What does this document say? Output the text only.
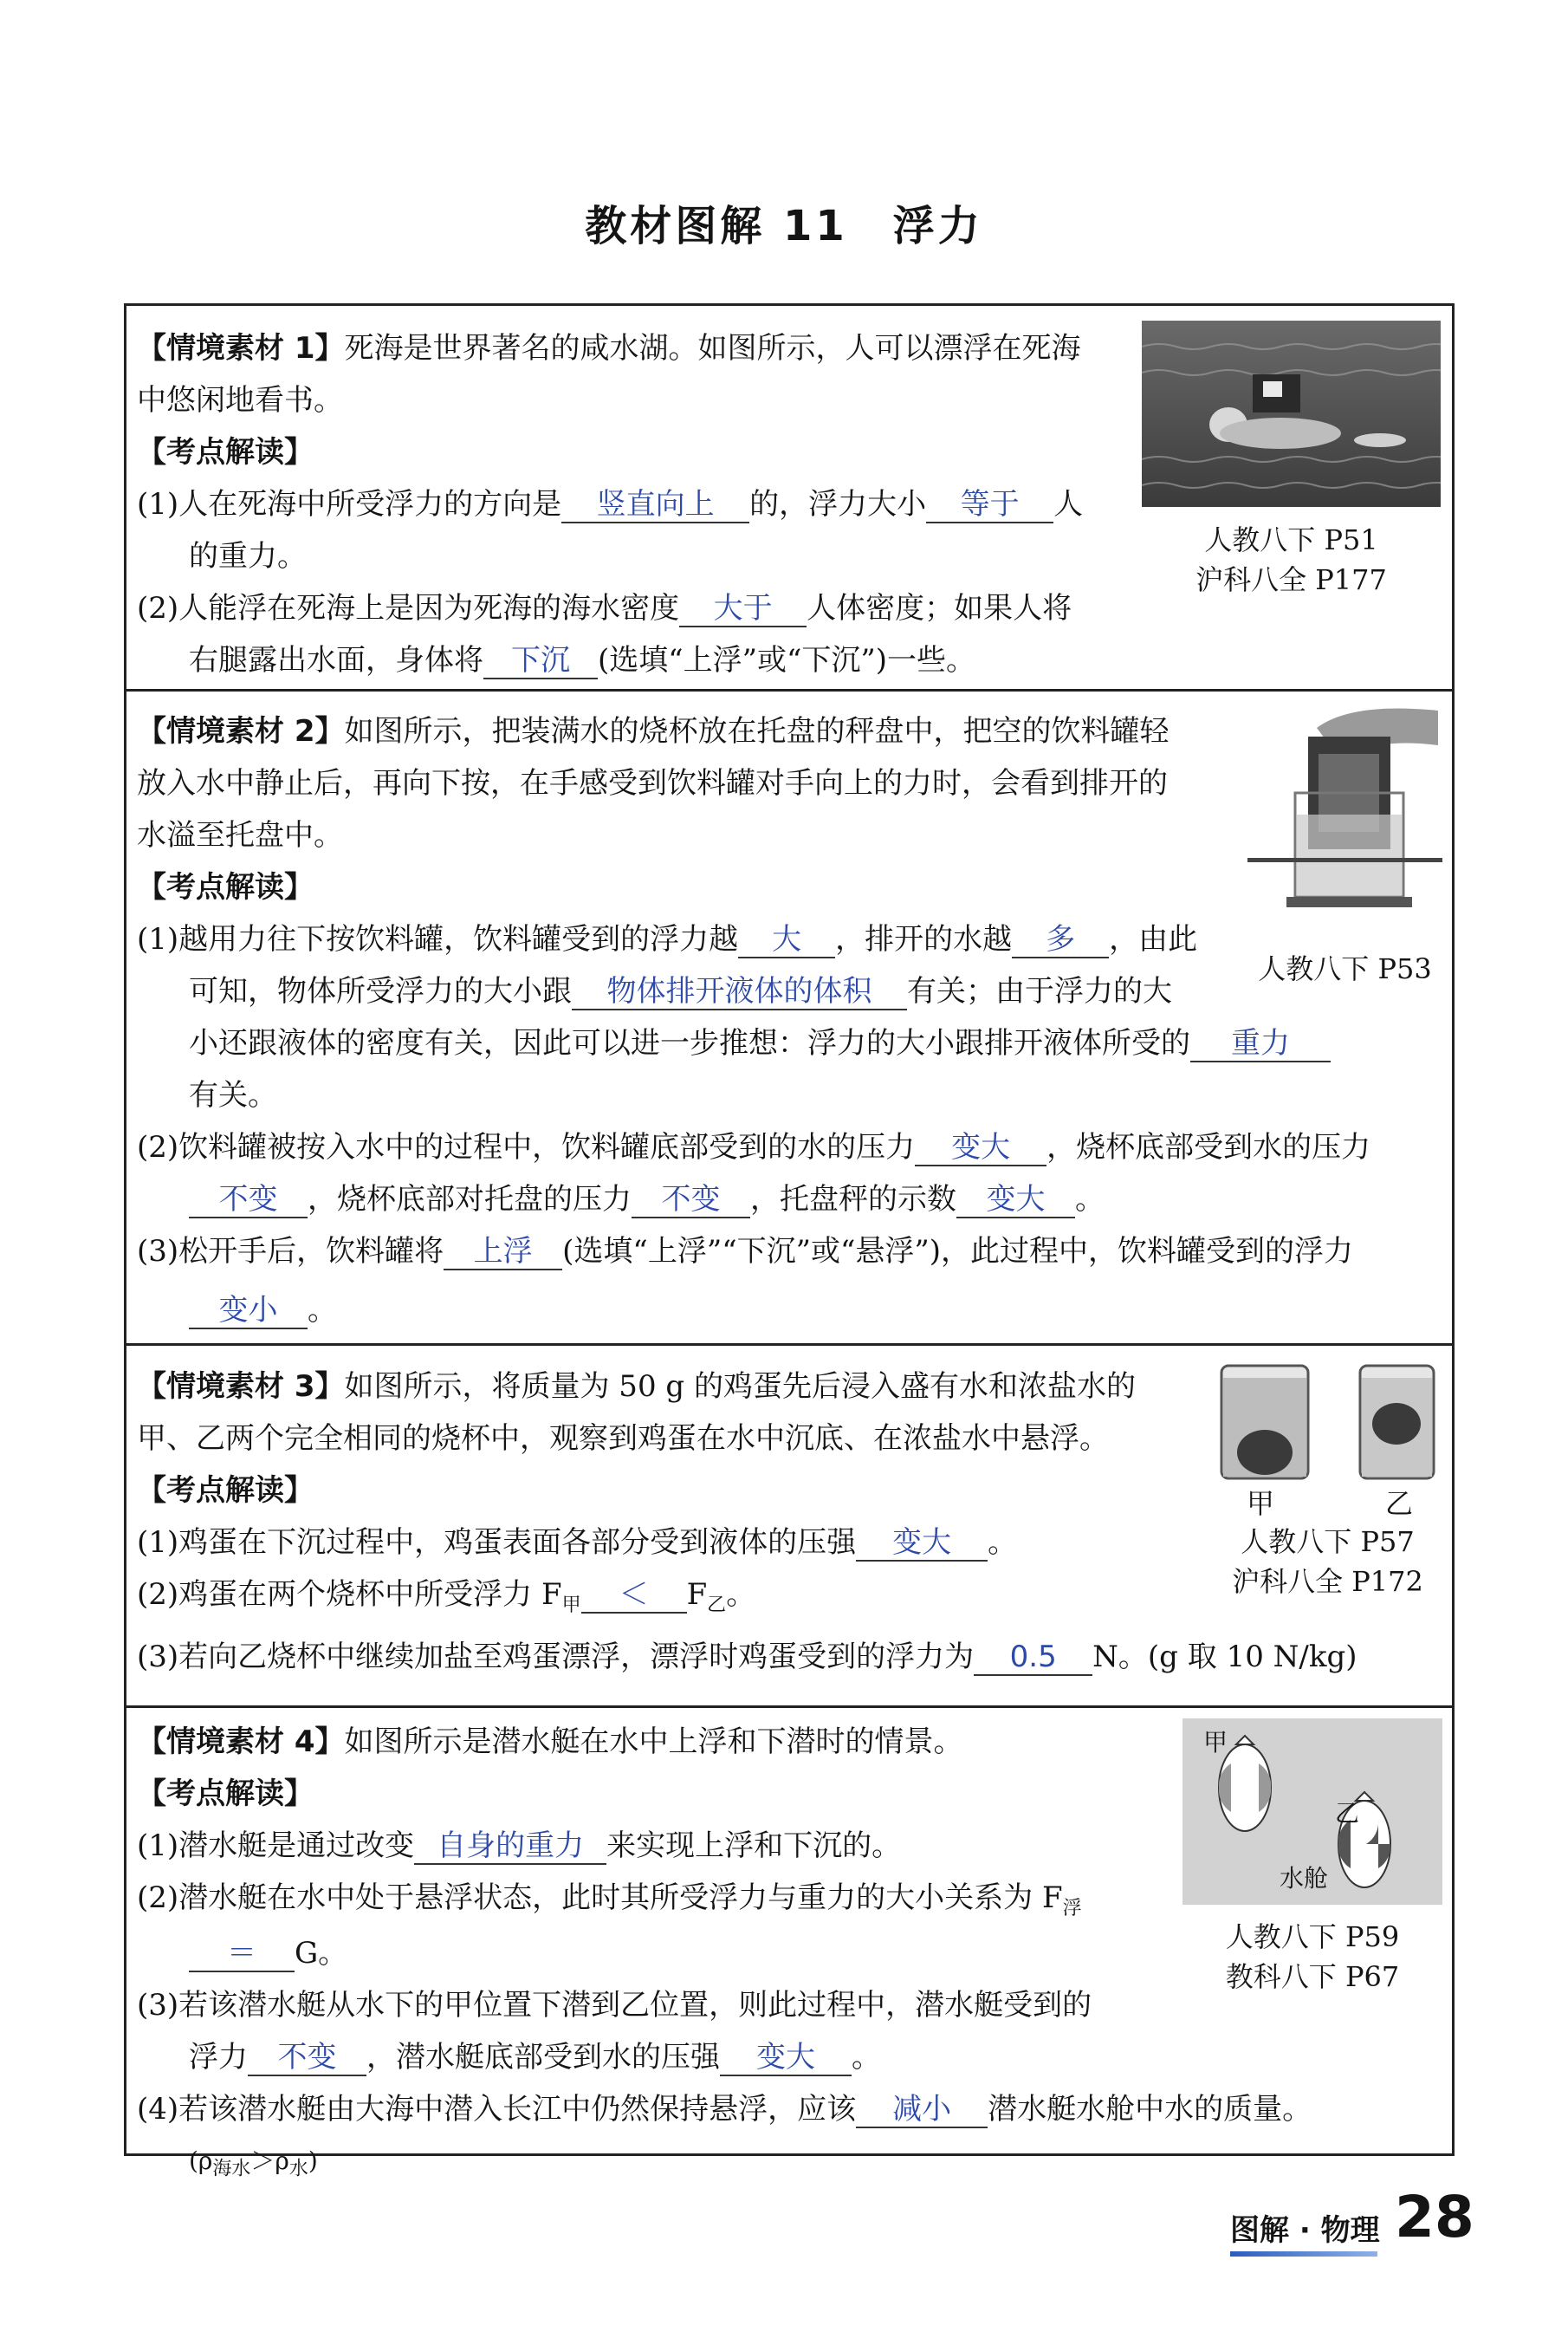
教材图解 11　浮力
【情境素材 1】死海是世界著名的咸水湖。如图所示，人可以漂浮在死海
中悠闲地看书。
【考点解读】
(1)人在死海中所受浮力的方向是 竖直向上 的，浮力大小 等于 人
的重力。
(2)人能浮在死海上是因为死海的海水密度 大于 人体密度；如果人将
右腿露出水面，身体将 下沉 (选填“上浮”或“下沉”)一些。
人教八下 P51
沪科八全 P177
【情境素材 2】如图所示，把装满水的烧杯放在托盘的秤盘中，把空的饮料罐轻
放入水中静止后，再向下按，在手感受到饮料罐对手向上的力时，会看到排开的
水溢至托盘中。
【考点解读】
(1)越用力往下按饮料罐，饮料罐受到的浮力越 大 ，排开的水越 多 ，由此
可知，物体所受浮力的大小跟 物体排开液体的体积 有关；由于浮力的大
小还跟液体的密度有关，因此可以进一步推想：浮力的大小跟排开液体所受的 重力
有关。
(2)饮料罐被按入水中的过程中，饮料罐底部受到的水的压力 变大 ，烧杯底部受到水的压力
不变 ，烧杯底部对托盘的压力 不变 ，托盘秤的示数 变大 。
(3)松开手后，饮料罐将 上浮 (选填“上浮”“下沉”或“悬浮”)，此过程中，饮料罐受到的浮力
变小 。
人教八下 P53
【情境素材 3】如图所示，将质量为 50 g 的鸡蛋先后浸入盛有水和浓盐水的
甲、乙两个完全相同的烧杯中，观察到鸡蛋在水中沉底、在浓盐水中悬浮。
【考点解读】
(1)鸡蛋在下沉过程中，鸡蛋表面各部分受到液体的压强 变大 。
(2)鸡蛋在两个烧杯中所受浮力 $F_甲 < F_乙$。
(3)若向乙烧杯中继续加盐至鸡蛋漂浮，漂浮时鸡蛋受到的浮力为 0.5 N。(g 取 10 N/kg)
甲	乙
人教八下 P57
沪科八全 P172
【情境素材 4】如图所示是潜水艇在水中上浮和下潜时的情景。
【考点解读】
(1)潜水艇是通过改变 自身的重力 来实现上浮和下沉的。
(2)潜水艇在水中处于悬浮状态，此时其所受浮力与重力的大小关系为 $F_浮$
＝ G。
(3)若该潜水艇从水下的甲位置下潜到乙位置，则此过程中，潜水艇受到的
浮力 不变 ，潜水艇底部受到水的压强 变大 。
(4)若该潜水艇由大海中潜入长江中仍然保持悬浮，应该 减小 潜水艇水舱中水的质量。
$(\rho_{海水}>\rho_水)$
甲
乙
水舱
人教八下 P59
教科八下 P67
图解 · 物理 28
